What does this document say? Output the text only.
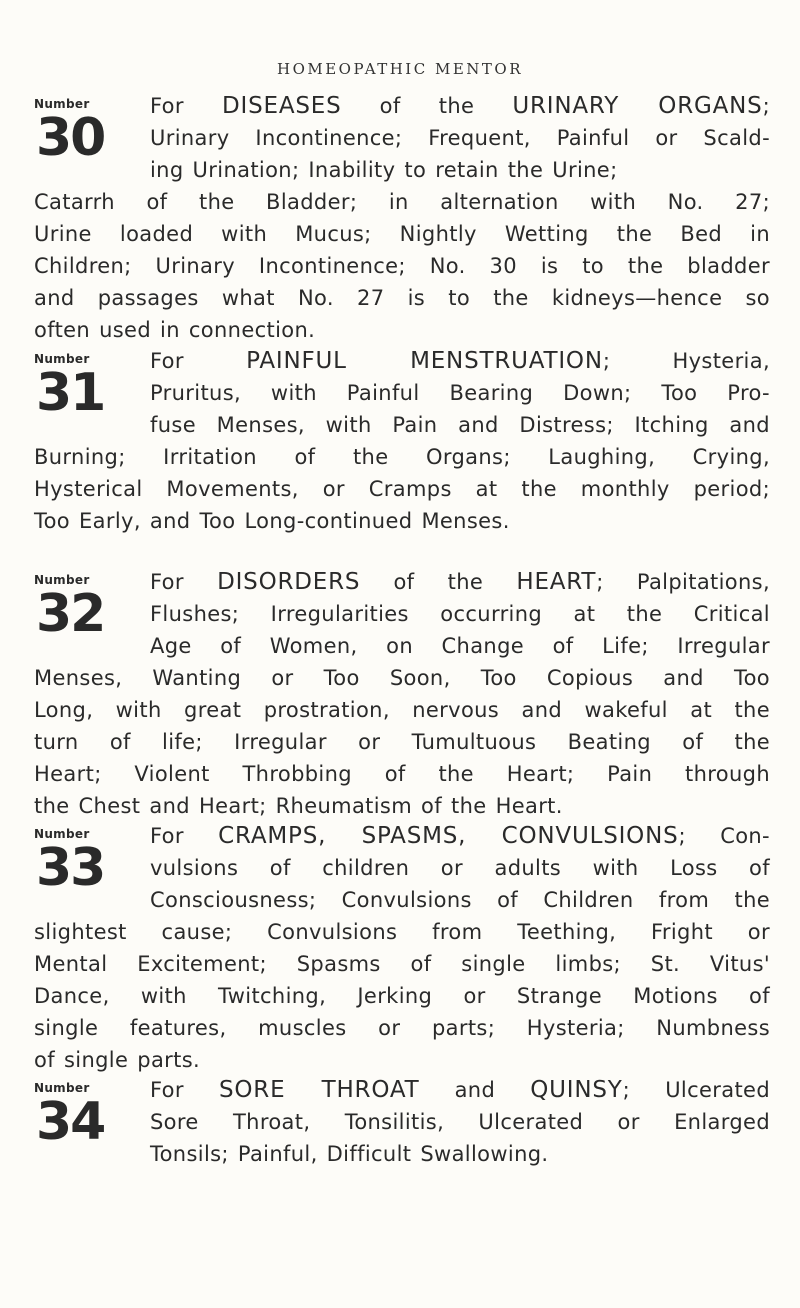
HOMEOPATHIC MENTOR
Number
30
For DISEASES of the URINARY ORGANS;
Urinary Incontinence; Frequent, Painful or Scald-
ing Urination; Inability to retain the Urine;
Catarrh of the Bladder; in alternation with No. 27;
Urine loaded with Mucus; Nightly Wetting the Bed in
Children; Urinary Incontinence; No. 30 is to the bladder
and passages what No. 27 is to the kidneys—hence so
often used in connection.
Number
31
For	PAINFUL MENSTRUATION; Hysteria,
Pruritus, with Painful Bearing Down; Too Pro-
fuse Menses, with Pain and Distress; Itching and
Burning; Irritation of the Organs; Laughing, Crying,
Hysterical Movements, or Cramps at the monthly period;
Too Early, and Too Long-continued Menses.
Number
32
For DISORDERS of the HEART; Palpitations,
Flushes; Irregularities occurring at the Critical
Age of Women, on Change of Life; Irregular
Menses, Wanting or Too Soon, Too Copious and Too
Long, with great prostration, nervous and wakeful at the
turn of life; Irregular or Tumultuous Beating of the
Heart; Violent Throbbing of the Heart; Pain through
the Chest and Heart; Rheumatism of the Heart.
Number
33
For CRAMPS, SPASMS, CONVULSIONS; Con-
vulsions of children or adults with Loss of
Consciousness; Convulsions of Children from the
slightest cause; Convulsions from Teething, Fright or
Mental Excitement; Spasms of single limbs; St. Vitus'
Dance, with Twitching, Jerking or Strange Motions of
single features, muscles or parts; Hysteria; Numbness
of single parts.
Number
34
For SORE THROAT and QUINSY; Ulcerated
Sore Throat, Tonsilitis, Ulcerated or Enlarged
Tonsils; Painful, Difficult Swallowing.
